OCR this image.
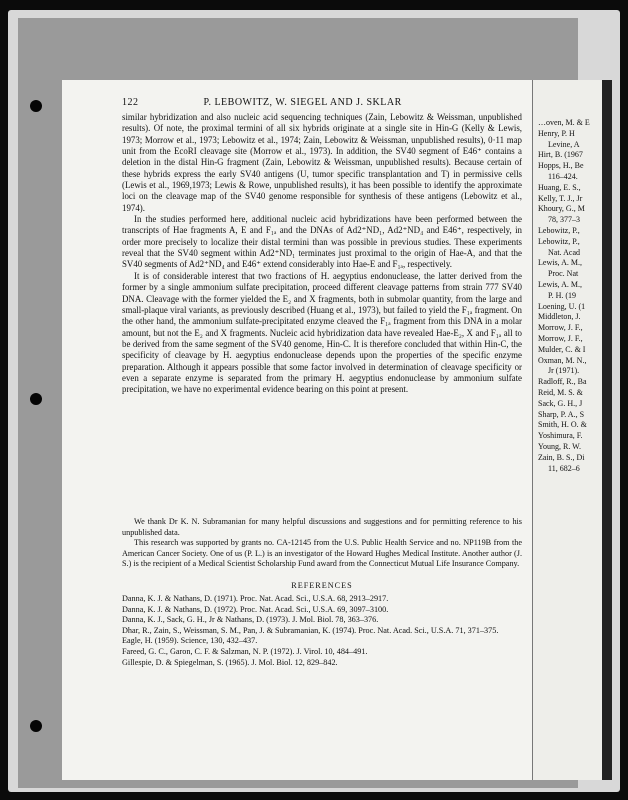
122	P. LEBOWITZ, W. SIEGEL AND J. SKLAR

similar hybridization and also nucleic acid sequencing techniques (Zain, Lebowitz & Weissman, unpublished results). Of note, the proximal termini of all six hybrids originate at a single site in Hin-G (Kelly & Lewis, 1973; Morrow et al., 1973; Lebowitz et al., 1974; Zain, Lebowitz & Weissman, unpublished results), 0·11 map unit from the EcoRI cleavage site (Morrow et al., 1973). In addition, the SV40 segment of E46⁺ contains a deletion in the distal Hin-G fragment (Zain, Lebowitz & Weissman, unpublished results). Because certain of these hybrids express the early SV40 antigens (U, tumor specific transplantation and T) in permissive cells (Lewis et al., 1969,1973; Lewis & Rowe, unpublished results), it has been possible to identify the approximate loci on the cleavage map of the SV40 genome responsible for synthesis of these antigens (Lebowitz et al., 1974).

In the studies performed here, additional nucleic acid hybridizations have been performed between the transcripts of Hae fragments A, E and F₁ₐ and the DNAs of Ad2⁺ND₁, Ad2⁺ND₄ and E46⁺, respectively, in order more precisely to localize their distal termini than was possible in previous studies. These experiments reveal that the SV40 segment within Ad2⁺ND₁ terminates just proximal to the origin of Hae-A, and that the SV40 segments of Ad2⁺ND₄ and E46⁺ extend considerably into Hae-E and F₁ₐ, respectively.

It is of considerable interest that two fractions of H. aegyptius endonuclease, the latter derived from the former by a single ammonium sulfate precipitation, proceed different cleavage patterns from strain 777 SV40 DNA. Cleavage with the former yielded the E₂ and X fragments, both in submolar quantity, from the large and small-plaque viral variants, as previously described (Huang et al., 1973), but failed to yield the F₁ₐ fragment. On the other hand, the ammonium sulfate-precipitated enzyme cleaved the F₁ₐ fragment from this DNA in a molar amount, but not the E₂ and X fragments. Nucleic acid hybridization data have revealed Hae-E₂, X and F₁ₐ all to be derived from the same segment of the SV40 genome, Hin-C. It is therefore concluded that within Hin-C, the specificity of cleavage by H. aegyptius endonuclease depends upon the properties of the specific enzyme preparation. Although it appears possible that some factor involved in determination of cleavage specificity or even a separate enzyme is separated from the primary H. aegyptius endonuclease by ammonium sulfate precipitation, we have no experimental evidence bearing on this point at present.

We thank Dr K. N. Subramanian for many helpful discussions and suggestions and for permitting reference to his unpublished data.

This research was supported by grants no. CA-12145 from the U.S. Public Health Service and no. NP119B from the American Cancer Society. One of us (P. L.) is an investigator of the Howard Hughes Medical Institute. Another author (J. S.) is the recipient of a Medical Scientist Scholarship Fund award from the Connecticut Mutual Life Insurance Company.

REFERENCES
Danna, K. J. & Nathans, D. (1971). Proc. Nat. Acad. Sci., U.S.A. 68, 2913–2917.
Danna, K. J. & Nathans, D. (1972). Proc. Nat. Acad. Sci., U.S.A. 69, 3097–3100.
Danna, K. J., Sack, G. H., Jr & Nathans, D. (1973). J. Mol. Biol. 78, 363–376.
Dhar, R., Zain, S., Weissman, S. M., Pan, J. & Subramanian, K. (1974). Proc. Nat. Acad. Sci., U.S.A. 71, 371–375.
Eagle, H. (1959). Science, 130, 432–437.
Fareed, G. C., Garon, C. F. & Salzman, N. P. (1972). J. Virol. 10, 484–491.
Gillespie, D. & Spiegelman, S. (1965). J. Mol. Biol. 12, 829–842.
…oven, M. & E
Henry, P. H
Levine, A
Hirt, B. (1967
Hopps, H., Be
116–424.
Huang, E. S.,
Kelly, T. J., Jr
Khoury, G., M
78, 377–3
Lebowitz, P.,
Lebowitz, P.,
Nat. Acad
Lewis, A. M.,
Proc. Nat
Lewis, A. M.,
P. H. (19
Loening, U. (1
Middleton, J.
Morrow, J. F.,
Morrow, J. F.,
Mulder, C. & I
Oxman, M. N.,
Jr (1971).
Radloff, R., Ba
Reid, M. S. &
Sack, G. H., J
Sharp, P. A., S
Smith, H. O. &
Yoshimura, F.
Young, R. W.
Zain, B. S., Di
11, 682–6
